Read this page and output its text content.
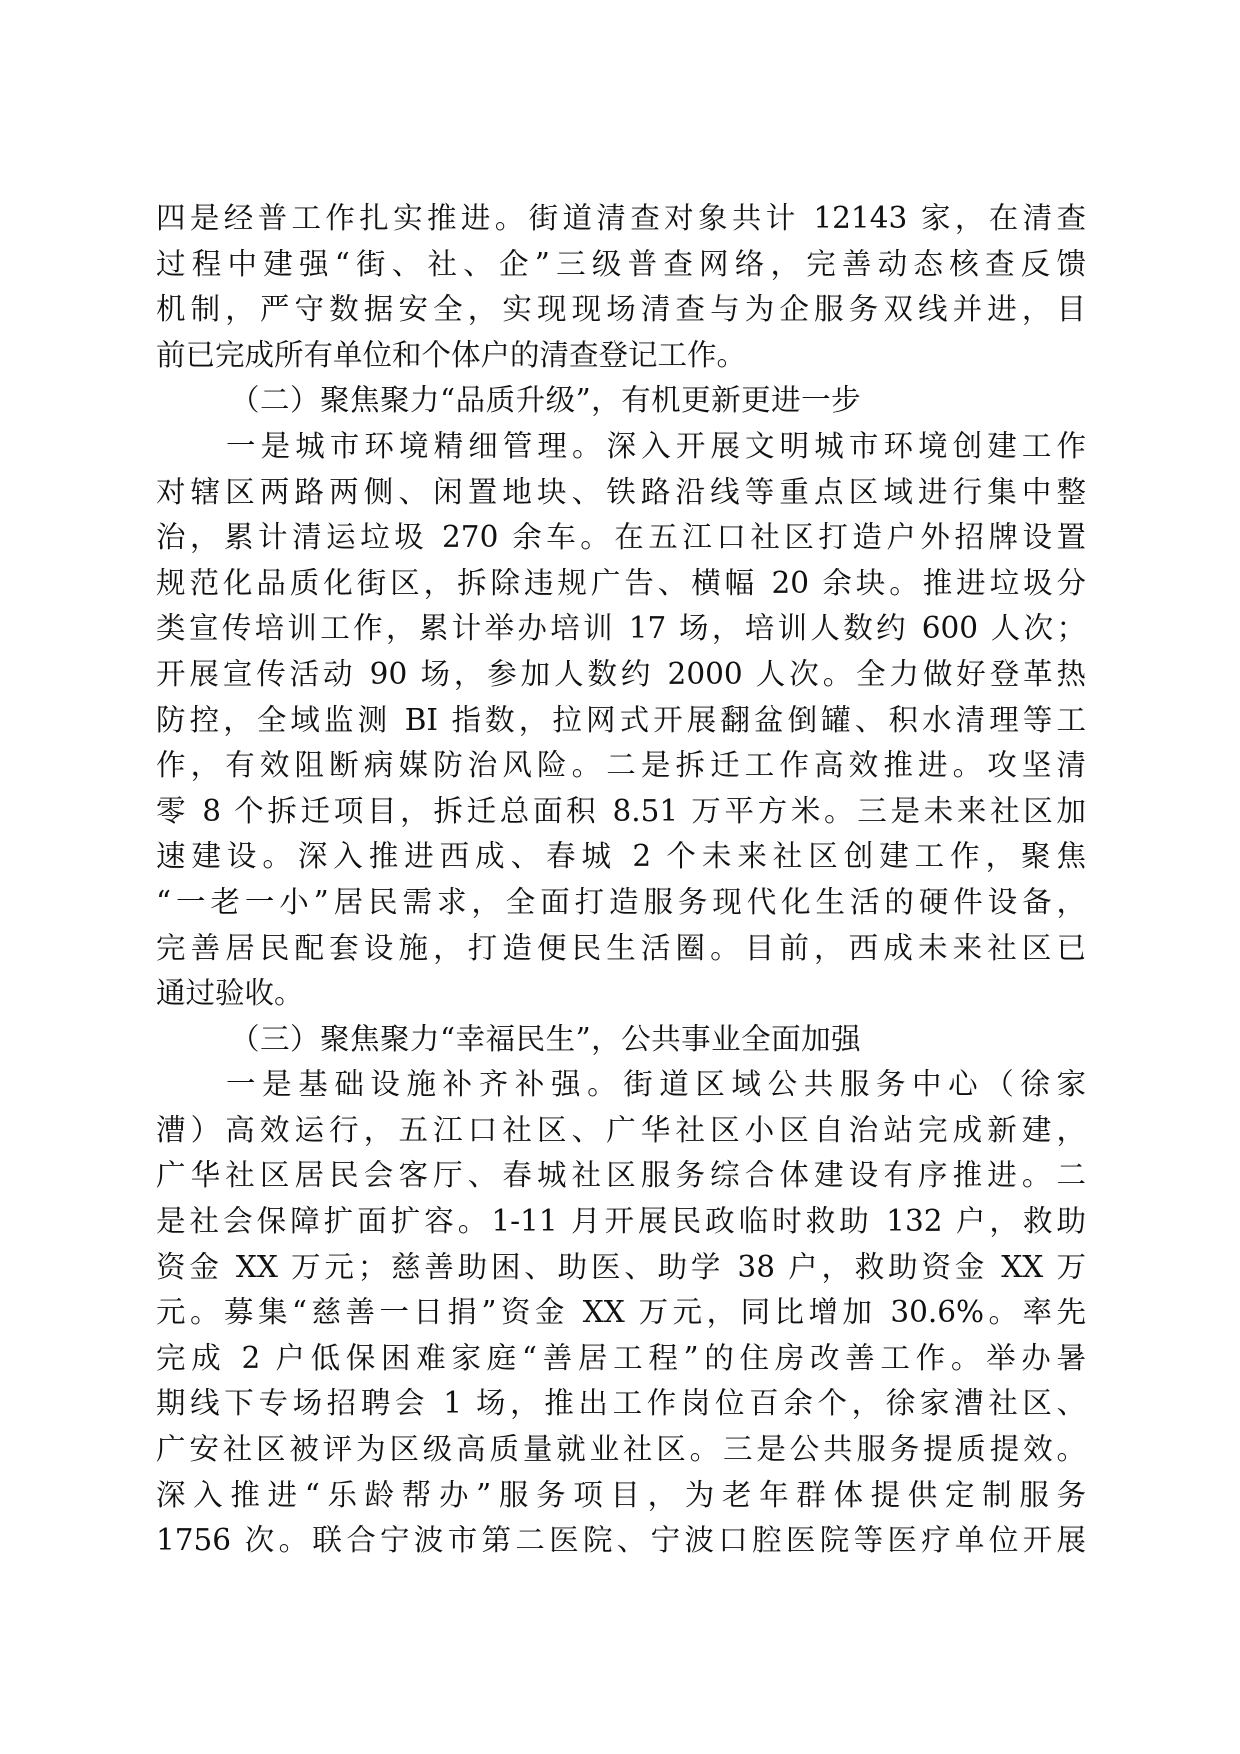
四是经普工作扎实推进。街道清查对象共计 12143 家，在清查
过程中建强“街、社、企”三级普查网络，完善动态核查反馈
机制，严守数据安全，实现现场清查与为企服务双线并进，目
前已完成所有单位和个体户的清查登记工作。
（二）聚焦聚力“品质升级”，有机更新更进一步
一是城市环境精细管理。深入开展文明城市环境创建工作
对辖区两路两侧、闲置地块、铁路沿线等重点区域进行集中整
治，累计清运垃圾 270 余车。在五江口社区打造户外招牌设置
规范化品质化街区，拆除违规广告、横幅 20 余块。推进垃圾分
类宣传培训工作，累计举办培训 17 场，培训人数约 600 人次；
开展宣传活动 90 场，参加人数约 2000 人次。全力做好登革热
防控，全域监测 BI 指数，拉网式开展翻盆倒罐、积水清理等工
作，有效阻断病媒防治风险。二是拆迁工作高效推进。攻坚清
零 8 个拆迁项目，拆迁总面积 8.51 万平方米。三是未来社区加
速建设。深入推进西成、春城 2 个未来社区创建工作，聚焦
“一老一小”居民需求，全面打造服务现代化生活的硬件设备，
完善居民配套设施，打造便民生活圈。目前，西成未来社区已
通过验收。
（三）聚焦聚力“幸福民生”，公共事业全面加强
一是基础设施补齐补强。街道区域公共服务中心（徐家
漕）高效运行，五江口社区、广华社区小区自治站完成新建，
广华社区居民会客厅、春城社区服务综合体建设有序推进。二
是社会保障扩面扩容。1-11 月开展民政临时救助 132 户，救助
资金 XX 万元；慈善助困、助医、助学 38 户，救助资金 XX 万
元。募集“慈善一日捐”资金 XX 万元，同比增加 30.6%。率先
完成 2 户低保困难家庭“善居工程”的住房改善工作。举办暑
期线下专场招聘会 1 场，推出工作岗位百余个，徐家漕社区、
广安社区被评为区级高质量就业社区。三是公共服务提质提效。
深入推进“乐龄帮办”服务项目，为老年群体提供定制服务
1756 次。联合宁波市第二医院、宁波口腔医院等医疗单位开展
